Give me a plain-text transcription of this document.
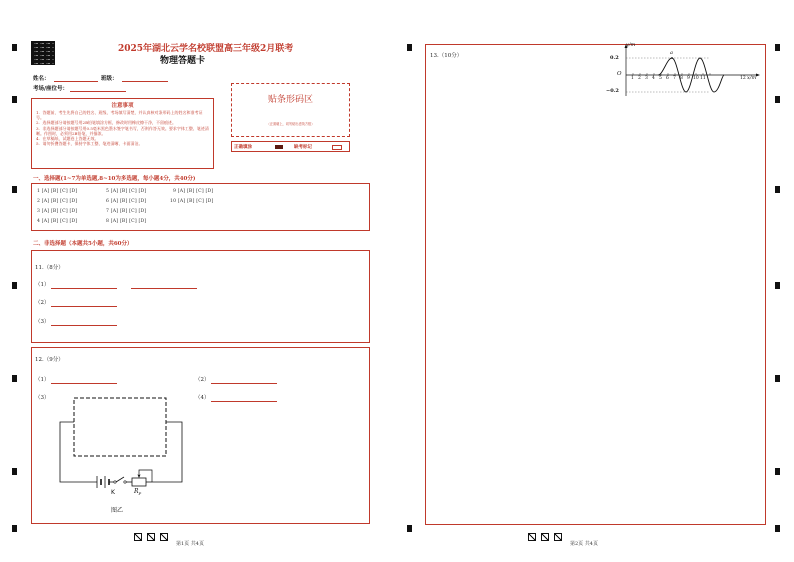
2025年湖北云学名校联盟高三年级2月联考
物理答题卡
姓名：	班级：
考场/座位号：
注意事项
1．答题前，考生先将自己的姓名、班级、考场填写清楚，并认真核对条形码上的姓名和准考证号。
2．选择题部分请按题号用2B铅笔填涂方框，修改时用橡皮擦干净，不留痕迹。
3．非选择题部分请按题号用0.5毫米黑色墨水签字笔书写，否则作答无效。要求字体工整、笔迹清晰。作图时，必须用2B铅笔，并描浓。
4．在草稿纸、试题卷上答题无效。
5．请勿折叠答题卡，保持字体工整、笔迹清晰、卡面清洁。
贴条形码区
（正面朝上，切勿贴出虚线方框）
正确填涂	缺考标记
一、选择题(1~7为单选题,8~10为多选题，每小题4分，共40分)
1 [A] [B] [C] [D]
2 [A] [B] [C] [D]
3 [A] [B] [C] [D]
4 [A] [B] [C] [D]
5 [A] [B] [C] [D]
6 [A] [B] [C] [D]
7 [A] [B] [C] [D]
8 [A] [B] [C] [D]
9 [A] [B] [C] [D]
10 [A] [B] [C] [D]
二、非选择题（本题共5小题，共60分）
11.（8分）
（1）
（2）
（3）
12.（9分）
（1）	（2）
（3）	（4）
K	$R_P$
图乙
13.（10分）
y/m
x/m
0.2
−0.2
O
a
1 2 3 4 5 6 7 8 9 10 11	12
第1页 共4页	第2页 共4页
